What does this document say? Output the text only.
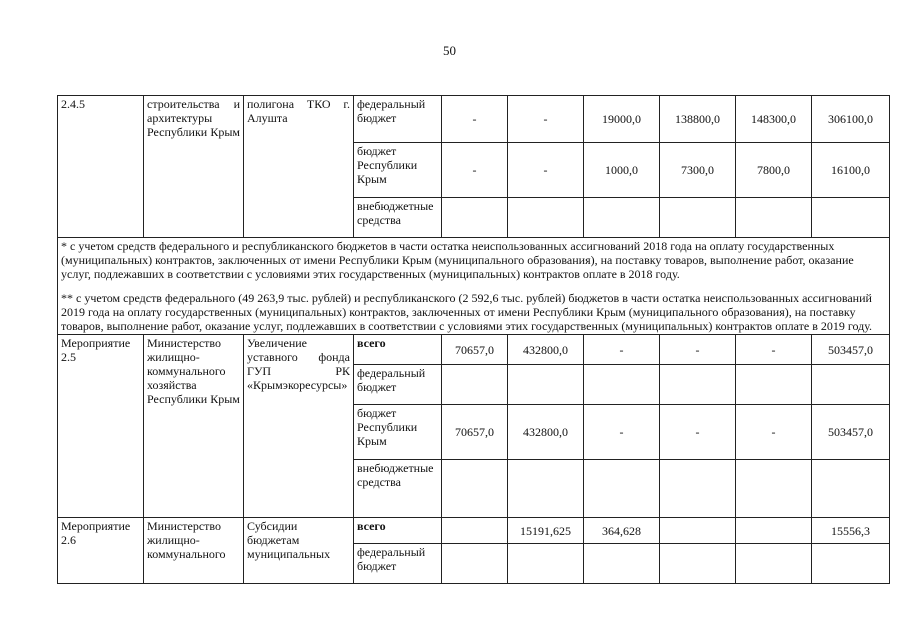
50
2.4.5	строительства и архитектуры Республики Крым	полигона ТКО г. Алушта	федеральный бюджет	-	-	19000,0	138800,0	148300,0	306100,0
			бюджет Республики Крым	-	-	1000,0	7300,0	7800,0	16100,0
			внебюджетные средства						

* с учетом средств федерального и республиканского бюджетов в части остатка неиспользованных ассигнований 2018 года на оплату государственных (муниципальных) контрактов, заключенных от имени Республики Крым (муниципального образования), на поставку товаров, выполнение работ, оказание услуг, подлежавших в соответствии с условиями этих государственных (муниципальных) контрактов оплате в 2018 году.

** с учетом средств федерального (49 263,9 тыс. рублей) и республиканского (2 592,6 тыс. рублей) бюджетов в части остатка неиспользованных ассигнований 2019 года на оплату государственных (муниципальных) контрактов, заключенных от имени Республики Крым (муниципального образования), на поставку товаров, выполнение работ, оказание услуг, подлежавших в соответствии с условиями этих государственных (муниципальных) контрактов оплате в 2019 году.									

Мероприятие 2.5	Министерство жилищно-коммунального хозяйства Республики Крым	Увеличение уставного фонда ГУП РК «Крымэкоресурсы»	всего	70657,0	432800,0	-	-	-	503457,0
			федеральный бюджет						
			бюджет Республики Крым	70657,0	432800,0	-	-	-	503457,0
			внебюджетные средства						
Мероприятие 2.6	Министерство жилищно-коммунального	Субсидии бюджетам муниципальных	всего		15191,625	364,628			15556,3
			федеральный бюджет						
